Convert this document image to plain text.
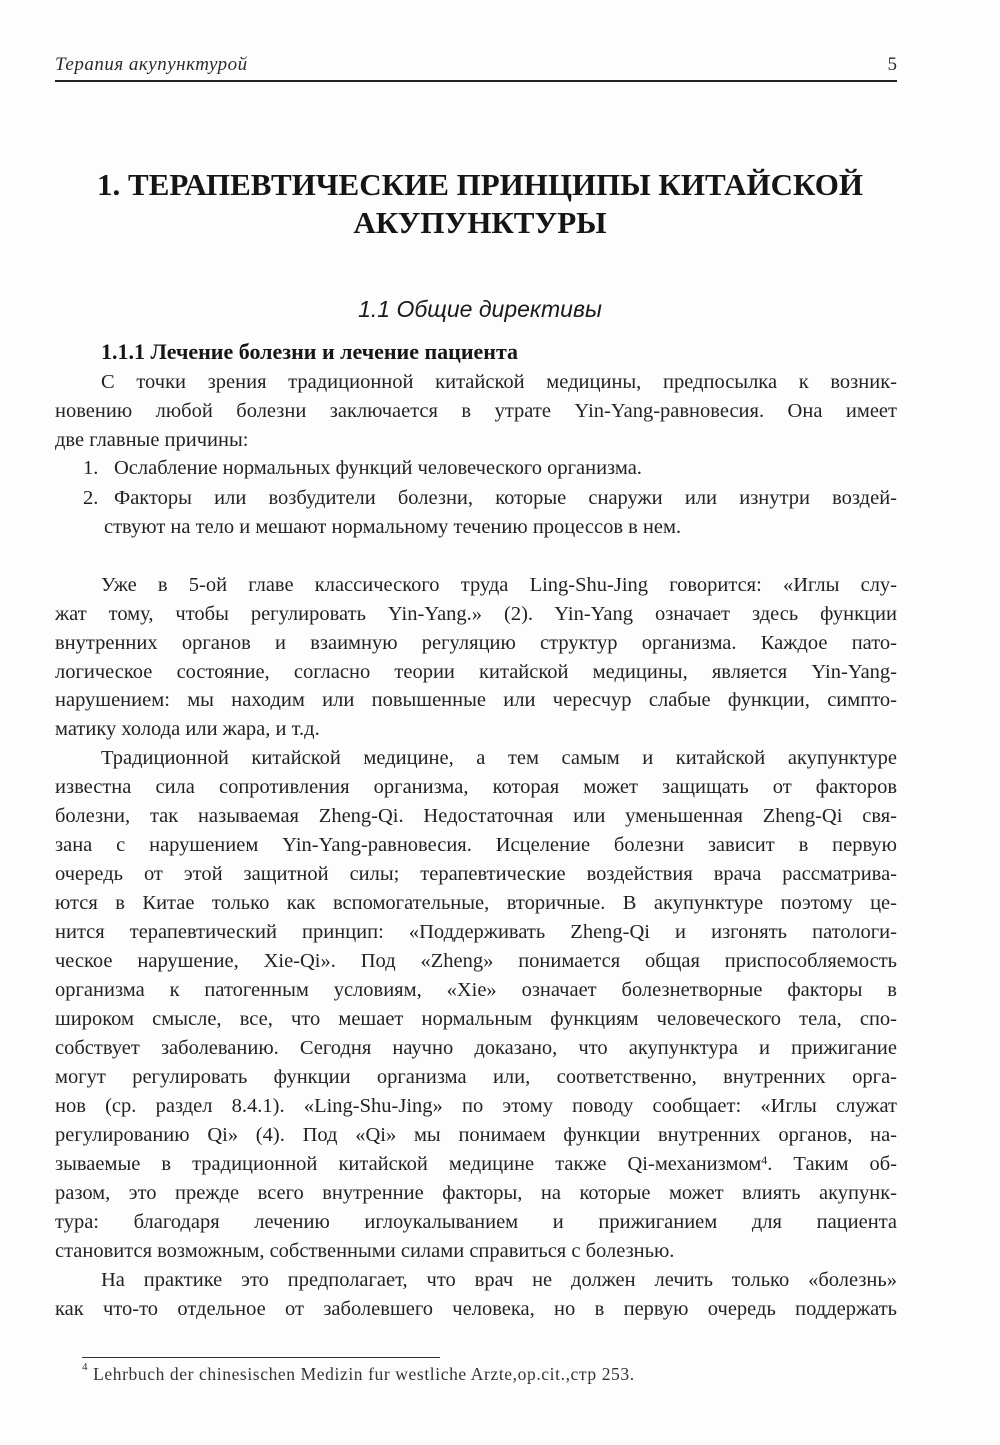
Терапия акупунктурой	5
1. ТЕРАПЕВТИЧЕСКИЕ ПРИНЦИПЫ КИТАЙСКОЙ
АКУПУНКТУРЫ
1.1 Общие директивы
1.1.1 Лечение болезни и лечение пациента
С точки зрения традиционной китайской медицины, предпосылка к возник-
новению любой болезни заключается в утрате Yin-Yang-равновесия. Она имеет
две главные причины:
1. Ослабление нормальных функций человеческого организма.
2. Факторы или возбудители болезни, которые снаружи или изнутри воздей-
ствуют на тело и мешают нормальному течению процессов в нем.
Уже в 5-ой главе классического труда Ling-Shu-Jing говорится: «Иглы слу-
жат тому, чтобы регулировать Yin-Yang.» (2). Yin-Yang означает здесь функции
внутренних органов и взаимную регуляцию структур организма. Каждое пато-
логическое состояние, согласно теории китайской медицины, является Yin-Yang-
нарушением: мы находим или повышенные или чересчур слабые функции, симпто-
матику холода или жара, и т.д.
Традиционной китайской медицине, а тем самым и китайской акупунктуре
известна сила сопротивления организма, которая может защищать от факторов
болезни, так называемая Zheng-Qi. Недостаточная или уменьшенная Zheng-Qi свя-
зана с нарушением Yin-Yang-равновесия. Исцеление болезни зависит в первую
очередь от этой защитной силы; терапевтические воздействия врача рассматрива-
ются в Китае только как вспомогательные, вторичные. В акупунктуре поэтому це-
нится терапевтический принцип: «Поддерживать Zheng-Qi и изгонять патологи-
ческое нарушение, Xie-Qi». Под «Zheng» понимается общая приспособляемость
организма к патогенным условиям, «Xie» означает болезнетворные факторы в
широком смысле, все, что мешает нормальным функциям человеческого тела, спо-
собствует заболеванию. Сегодня научно доказано, что акупунктура и прижигание
могут регулировать функции организма или, соответственно, внутренних орга-
нов (ср. раздел 8.4.1). «Ling-Shu-Jing» по этому поводу сообщает: «Иглы служат
регулированию Qi» (4). Под «Qi» мы понимаем функции внутренних органов, на-
зываемые в традиционной китайской медицине также Qi-механизмом$^4$. Таким об-
разом, это прежде всего внутренние факторы, на которые может влиять акупунк-
тура: благодаря лечению иглоукалыванием и прижиганием для пациента
становится возможным, собственными силами справиться с болезнью.
На практике это предполагает, что врач не должен лечить только «болезнь»
как что-то отдельное от заболевшего человека, но в первую очередь поддержать
$^4$ Lehrbuch der chinesischen Medizin fur westliche Arzte,op.cit.,стр 253.
